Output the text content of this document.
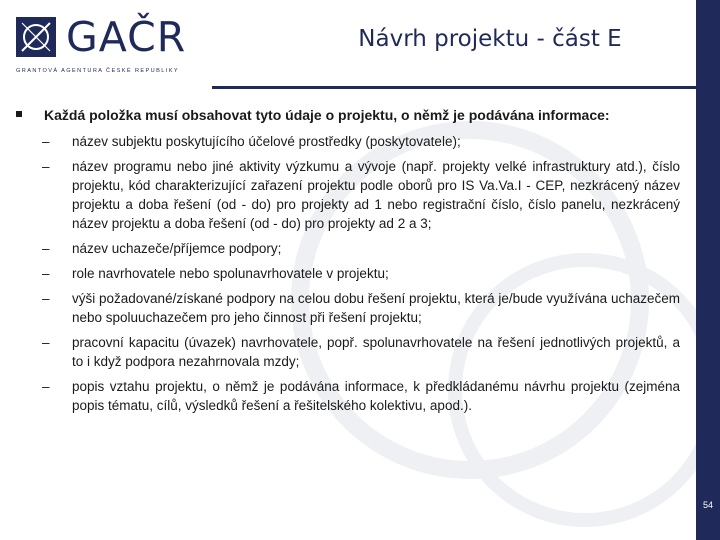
GAČR
GRANTOVÁ AGENTURA ČESKÉ REPUBLIKY
Návrh projektu - část E
Každá položka musí obsahovat tyto údaje o projektu, o němž je podávána informace:
– název subjektu poskytujícího účelové prostředky (poskytovatele);
– název programu nebo jiné aktivity výzkumu a vývoje (např. projekty velké infrastruktury atd.), číslo projektu, kód charakterizující zařazení projektu podle oborů pro IS Va.Va.I - CEP, nezkrácený název projektu a doba řešení (od - do) pro projekty ad 1 nebo registrační číslo, číslo panelu, nezkrácený název projektu a doba řešení (od - do) pro projekty ad 2 a 3;
– název uchazeče/příjemce podpory;
– role navrhovatele nebo spolunavrhovatele v projektu;
– výši požadované/získané podpory na celou dobu řešení projektu, která je/bude využívána uchazečem nebo spoluuchazečem pro jeho činnost při řešení projektu;
– pracovní kapacitu (úvazek) navrhovatele, popř. spolunavrhovatele na řešení jednotlivých projektů, a to i když podpora nezahrnovala mzdy;
– popis vztahu projektu, o němž je podávána informace, k předkládanému návrhu projektu (zejména popis tématu, cílů, výsledků řešení a řešitelského kolektivu, apod.).
54
